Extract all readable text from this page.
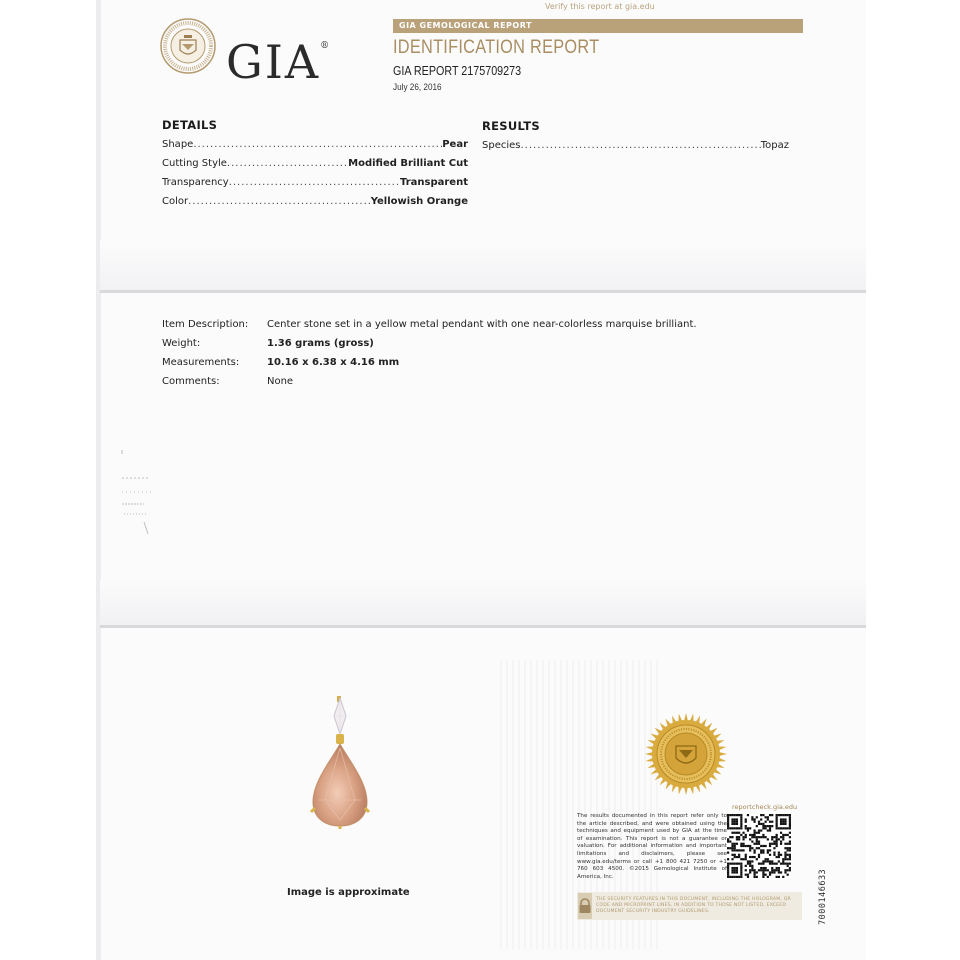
Verify this report at gia.edu
GIA®
GIA GEMOLOGICAL REPORT
IDENTIFICATION REPORT
GIA REPORT 2175709273
July 26, 2016
DETAILS
Shape .....	Pear
Cutting Style .....	Modified Brilliant Cut
Transparency .....	Transparent
Color .....	Yellowish Orange
RESULTS
Species .....	Topaz
Item Description: Center stone set in a yellow metal pendant with one near-colorless marquise brilliant.
Weight:	1.36 grams (gross)
Measurements:	10.16 x 6.38 x 4.16 mm
Comments:	None
Image is approximate
reportcheck.gia.edu
The results documented in this report refer only to the article described, and were obtained using the techniques and equipment used by GIA at the time of examination. This report is not a guarantee or valuation. For additional information and important limitations and disclaimers, please see www.gia.edu/terms or call +1 800 421 7250 or +1 760 603 4500. ©2015 Gemological Institute of America, Inc.
THE SECURITY FEATURES IN THIS DOCUMENT, INCLUDING THE HOLOGRAM, QR CODE AND MICROPRINT LINES, IN ADDITION TO THOSE NOT LISTED, EXCEED DOCUMENT SECURITY INDUSTRY GUIDELINES.	7000146633
